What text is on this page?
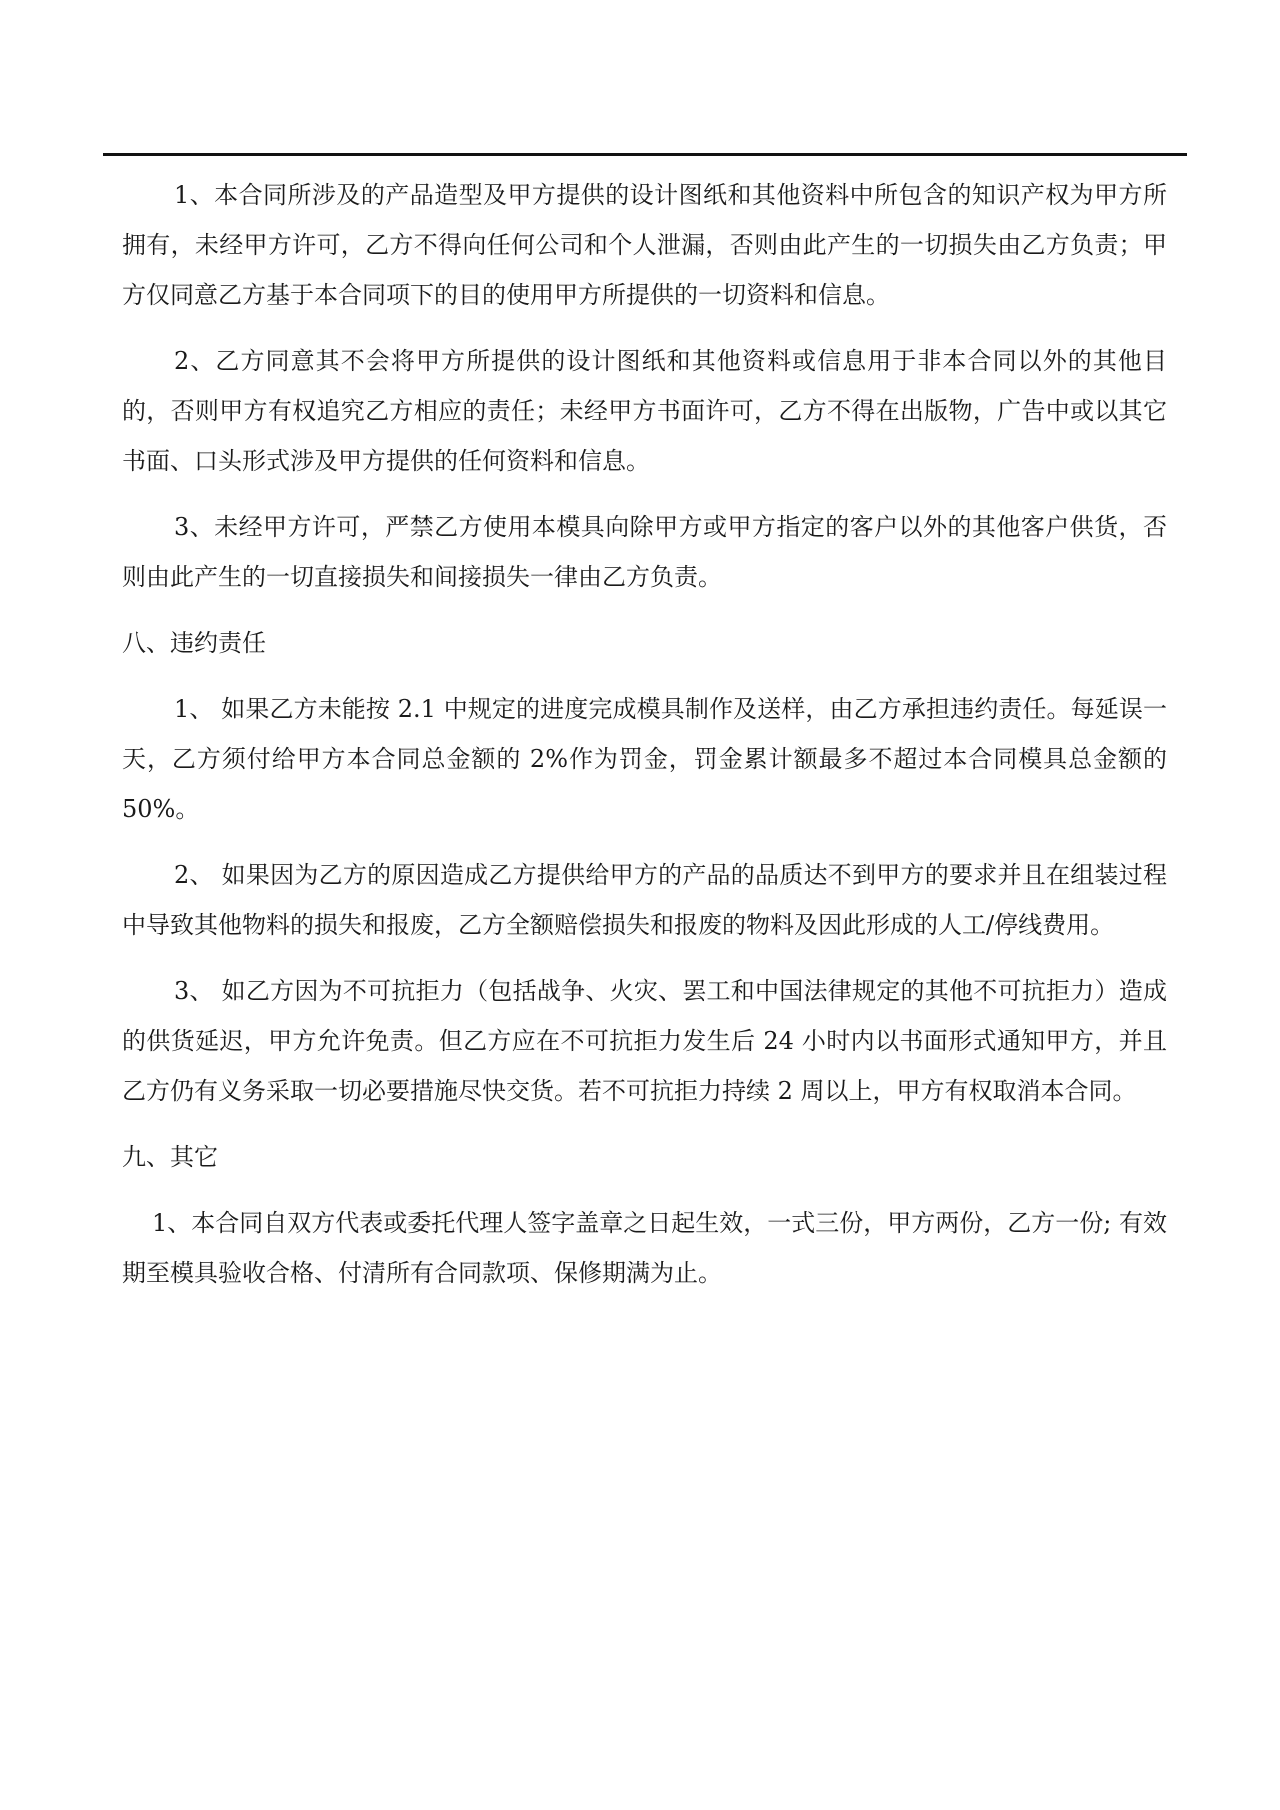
1、本合同所涉及的产品造型及甲方提供的设计图纸和其他资料中所包含的知识产权为甲方所拥有，未经甲方许可，乙方不得向任何公司和个人泄漏，否则由此产生的一切损失由乙方负责；甲方仅同意乙方基于本合同项下的目的使用甲方所提供的一切资料和信息。

2、乙方同意其不会将甲方所提供的设计图纸和其他资料或信息用于非本合同以外的其他目的，否则甲方有权追究乙方相应的责任；未经甲方书面许可，乙方不得在出版物，广告中或以其它书面、口头形式涉及甲方提供的任何资料和信息。

3、未经甲方许可，严禁乙方使用本模具向除甲方或甲方指定的客户以外的其他客户供货，否则由此产生的一切直接损失和间接损失一律由乙方负责。

八、违约责任

1、 如果乙方未能按 2.1 中规定的进度完成模具制作及送样，由乙方承担违约责任。每延误一天，乙方须付给甲方本合同总金额的 2%作为罚金，罚金累计额最多不超过本合同模具总金额的 50%。

2、 如果因为乙方的原因造成乙方提供给甲方的产品的品质达不到甲方的要求并且在组装过程中导致其他物料的损失和报废，乙方全额赔偿损失和报废的物料及因此形成的人工/停线费用。

3、 如乙方因为不可抗拒力（包括战争、火灾、罢工和中国法律规定的其他不可抗拒力）造成的供货延迟，甲方允许免责。但乙方应在不可抗拒力发生后 24 小时内以书面形式通知甲方，并且乙方仍有义务采取一切必要措施尽快交货。若不可抗拒力持续 2 周以上，甲方有权取消本合同。

九、其它

1、本合同自双方代表或委托代理人签字盖章之日起生效，一式三份，甲方两份，乙方一份; 有效期至模具验收合格、付清所有合同款项、保修期满为止。
